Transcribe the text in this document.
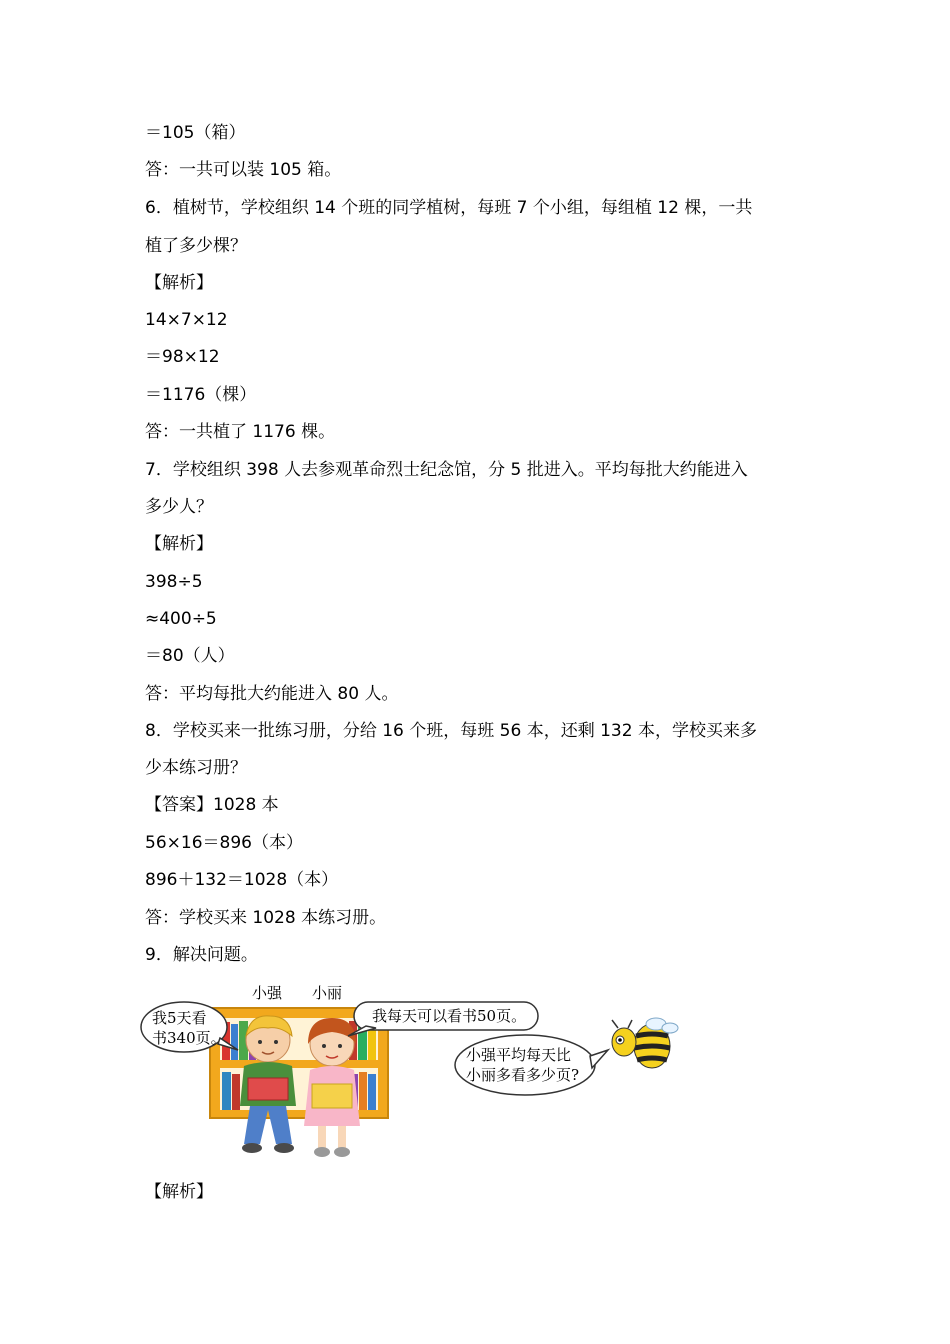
＝105（箱）
答：一共可以装 105 箱。
6．植树节，学校组织 14 个班的同学植树，每班 7 个小组，每组植 12 棵，一共
植了多少棵？
【解析】
14×7×12
＝98×12
＝1176（棵）
答：一共植了 1176 棵。
7．学校组织 398 人去参观革命烈士纪念馆，分 5 批进入。平均每批大约能进入
多少人？
【解析】
398÷5
≈400÷5
＝80（人）
答：平均每批大约能进入 80 人。
8．学校买来一批练习册，分给 16 个班，每班 56 本，还剩 132 本，学校买来多
少本练习册？
【答案】1028 本
56×16＝896（本）
896＋132＝1028（本）
答：学校买来 1028 本练习册。
9．解决问题。
小强 小丽
我5天看
书340页。
我每天可以看书50页。
小强平均每天比
小丽多看多少页?
【解析】
